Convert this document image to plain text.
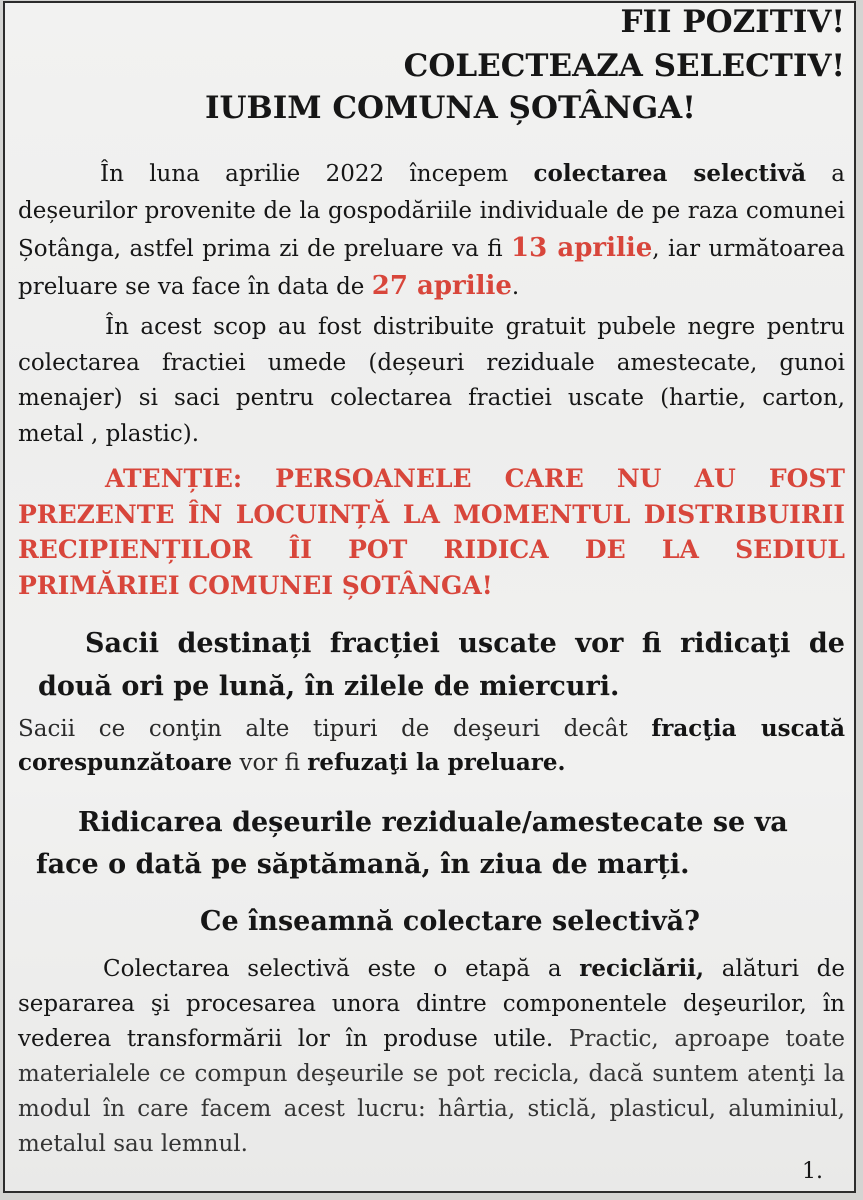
FII POZITIV!
COLECTEAZA SELECTIV!
IUBIM COMUNA ȘOTÂNGA!

În luna aprilie 2022 începem colectarea selectivă a deșeurilor provenite de la gospodăriile individuale de pe raza comunei Șotânga, astfel prima zi de preluare va fi 13 aprilie, iar următoarea preluare se va face în data de 27 aprilie.

În acest scop au fost distribuite gratuit pubele negre pentru colectarea fractiei umede (deșeuri reziduale amestecate, gunoi menajer) si saci pentru colectarea fractiei uscate (hartie, carton, metal , plastic).

ATENȚIE: PERSOANELE CARE NU AU FOST PREZENTE ÎN LOCUINȚĂ LA MOMENTUL DISTRIBUIRII RECIPIENȚILOR ÎI POT RIDICA DE LA SEDIUL PRIMĂRIEI COMUNEI ȘOTÂNGA!

Sacii destinați fracției uscate vor fi ridicaţi de două ori pe lună, în zilele de miercuri.

Sacii ce conţin alte tipuri de deşeuri decât fracţia uscată corespunzătoare vor fi refuzaţi la preluare.

Ridicarea deșeurile reziduale/amestecate se va face o dată pe săptămană, în ziua de marți.

Ce înseamnă colectare selectivă?

Colectarea selectivă este o etapă a reciclării, alături de separarea şi procesarea unora dintre componentele deşeurilor, în vederea transformării lor în produse utile. Practic, aproape toate materialele ce compun deşeurile se pot recicla, dacă suntem atenţi la modul în care facem acest lucru: hârtia, sticlă, plasticul, aluminiul, metalul sau lemnul.

1.
